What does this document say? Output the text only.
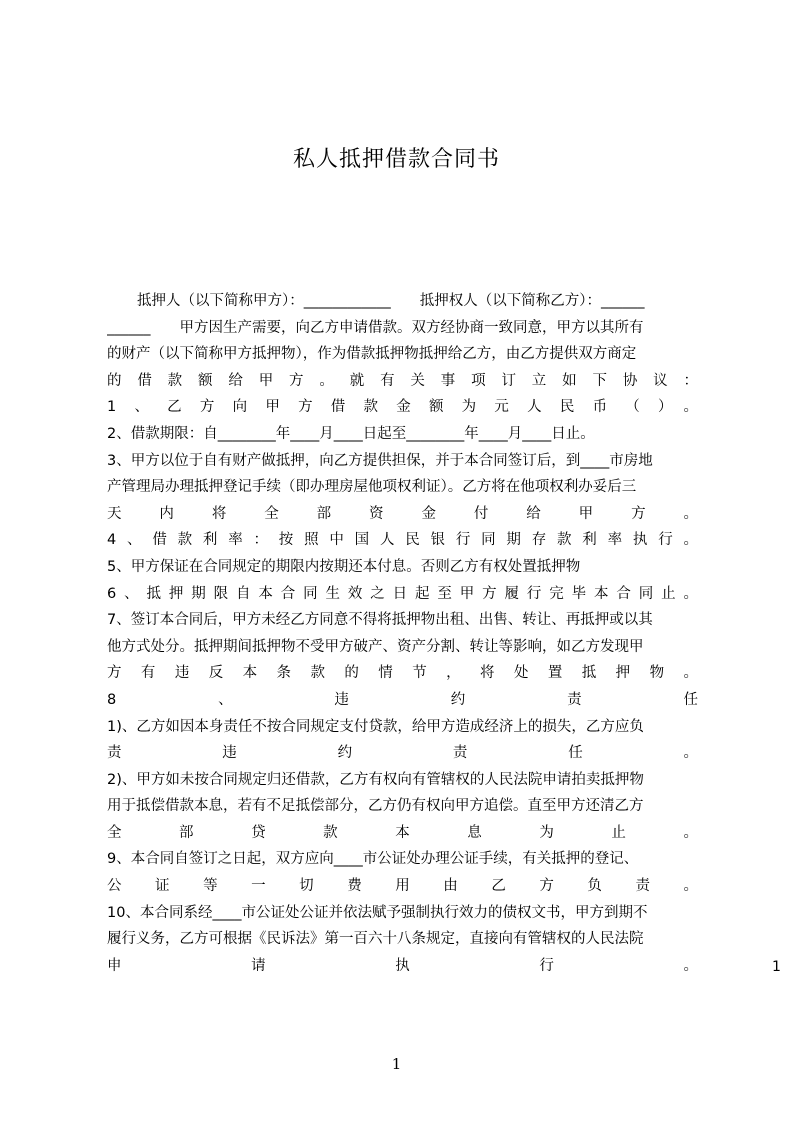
私人抵押借款合同书
抵押人（以下简称甲方）：____________　　抵押权人（以下简称乙方）：______
______　　甲方因生产需要，向乙方申请借款。双方经协商一致同意，甲方以其所有
的财产（以下简称甲方抵押物），作为借款抵押物抵押给乙方，由乙方提供双方商定
的借款额给甲方。就有关事项订立如下协议：
1、乙方向甲方借款金额为元人民币（）。
2、借款期限：自________年____月____日起至________年____月____日止。
3、甲方以位于自有财产做抵押，向乙方提供担保，并于本合同签订后，到____市房地
产管理局办理抵押登记手续（即办理房屋他项权利证）。乙方将在他项权利办妥后三
天内将全部资金付给甲方。
4、借款利率：按照中国人民银行同期存款利率执行。
5、甲方保证在合同规定的期限内按期还本付息。否则乙方有权处置抵押物
6、抵押期限自本合同生效之日起至甲方履行完毕本合同止。
7、签订本合同后，甲方未经乙方同意不得将抵押物出租、出售、转让、再抵押或以其
他方式处分。抵押期间抵押物不受甲方破产、资产分割、转让等影响，如乙方发现甲
方有违反本条款的情节，将处置抵押物。
8、违约责任
1)、乙方如因本身责任不按合同规定支付贷款，给甲方造成经济上的损失，乙方应负
责违约责任。
2)、甲方如未按合同规定归还借款，乙方有权向有管辖权的人民法院申请拍卖抵押物
用于抵偿借款本息，若有不足抵偿部分，乙方仍有权向甲方追偿。直至甲方还清乙方
全部贷款本息为止。
9、本合同自签订之日起，双方应向____市公证处办理公证手续，有关抵押的登记、
公证等一切费用由乙方负责。
10、本合同系经____市公证处公证并依法赋予强制执行效力的债权文书，甲方到期不
履行义务，乙方可根据《民诉法》第一百六十八条规定，直接向有管辖权的人民法院
申请执行。	1
1
